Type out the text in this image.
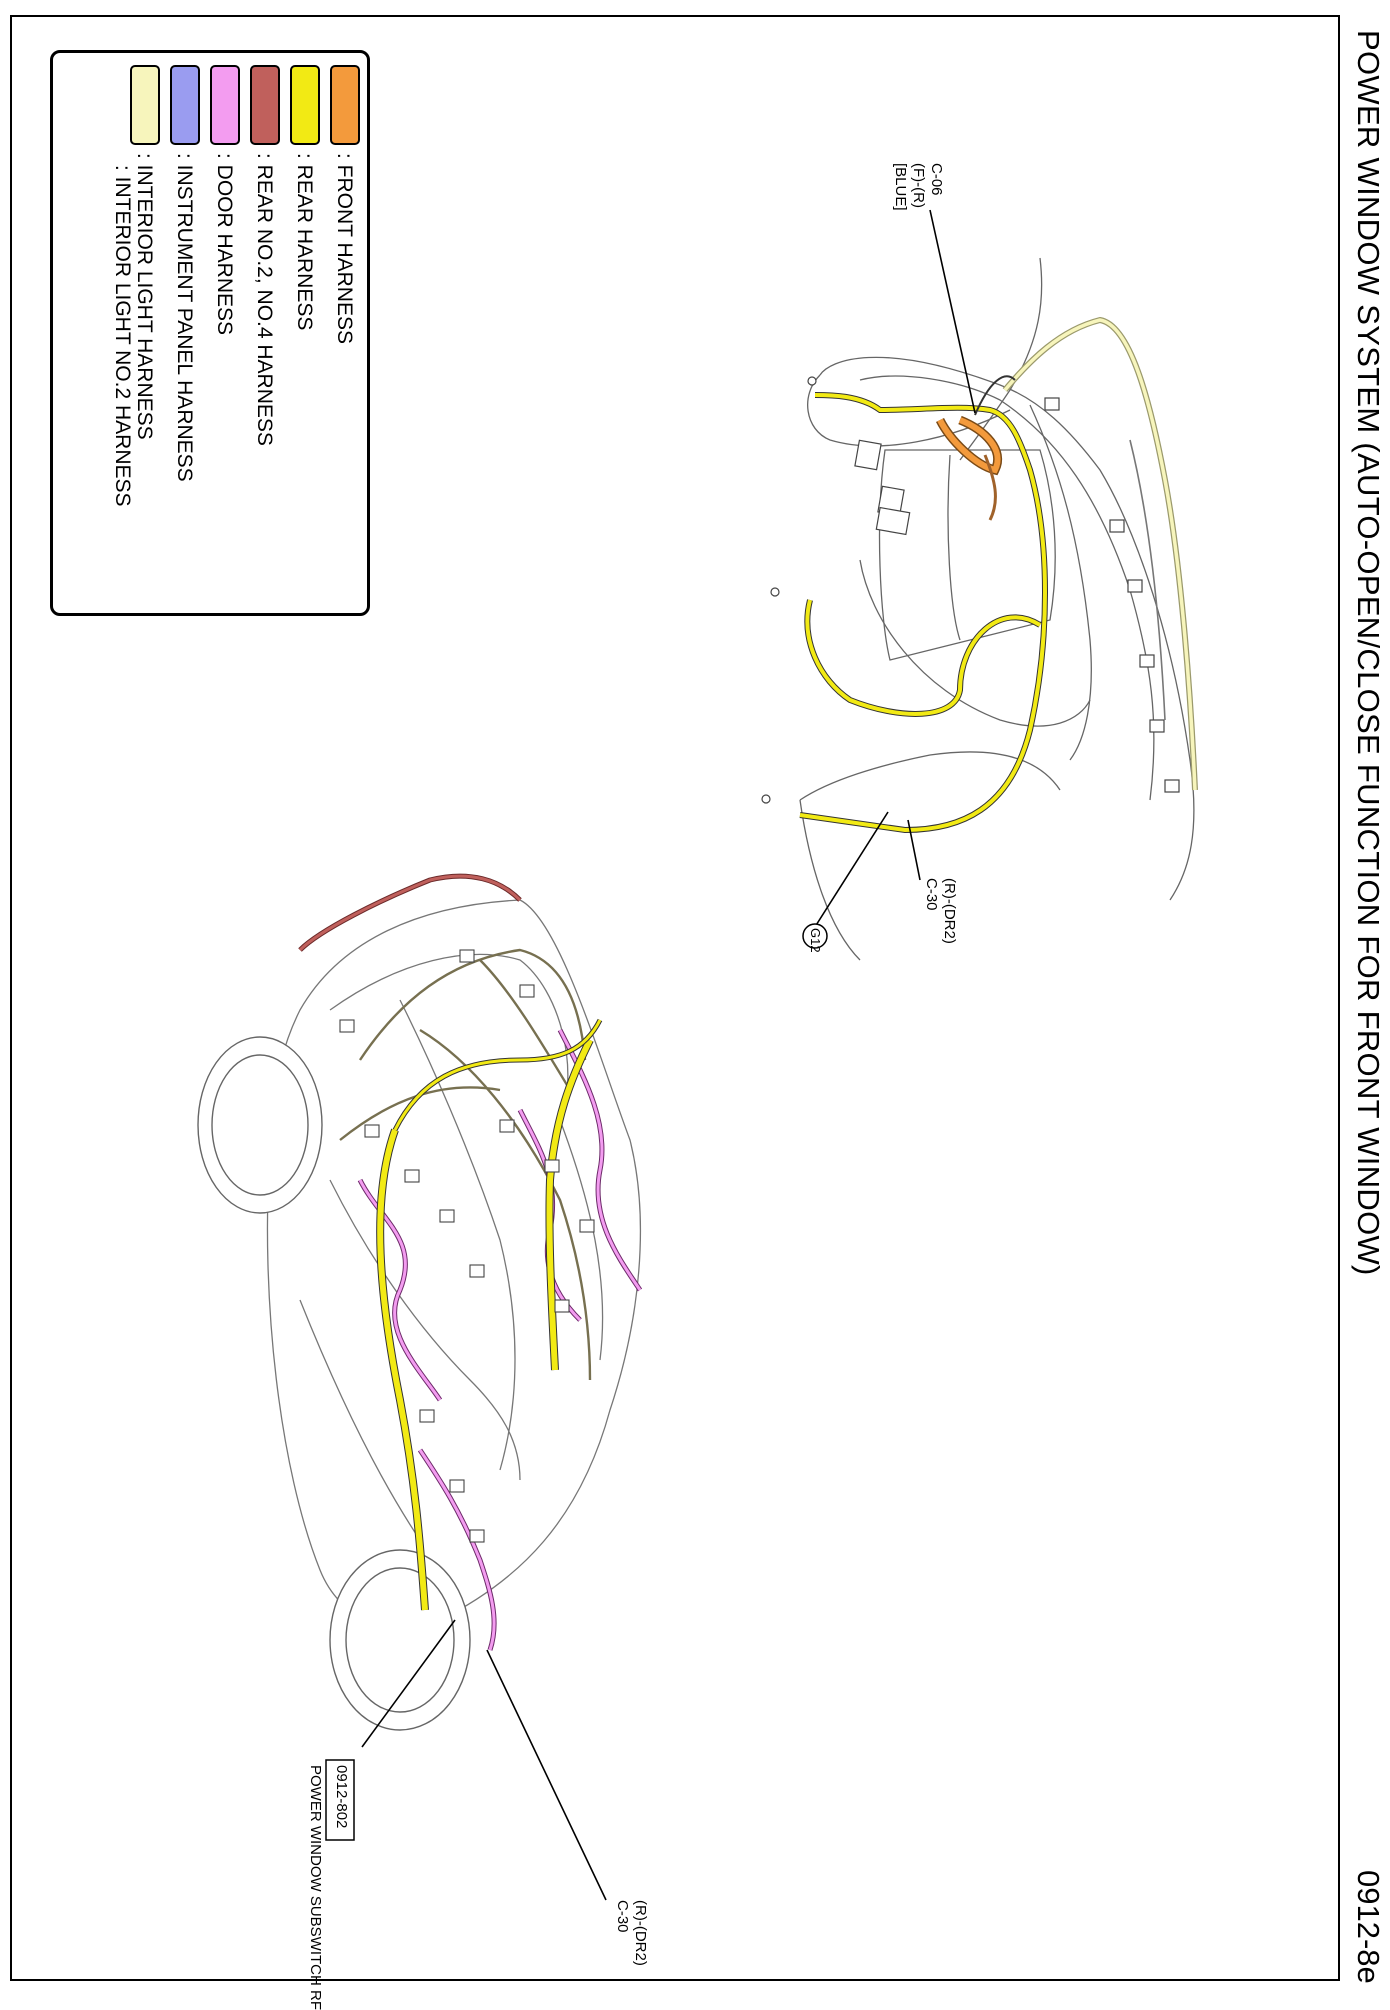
POWER WINDOW SYSTEM (AUTO-OPEN/CLOSE FUNCTION FOR FRONT WINDOW)
0912-8e
: FRONT HARNESS
: REAR HARNESS
: REAR NO.2, NO.4 HARNESS
: DOOR HARNESS
: INSTRUMENT PANEL HARNESS
: INTERIOR LIGHT HARNESS
: INTERIOR LIGHT NO.2 HARNESS	C-06
(F)-(R)
[BLUE]
(R)-(DR2)
C-30
G12
(R)-(DR2)
C-30
0912-802
POWER WINDOW SUBSWITCH RF
